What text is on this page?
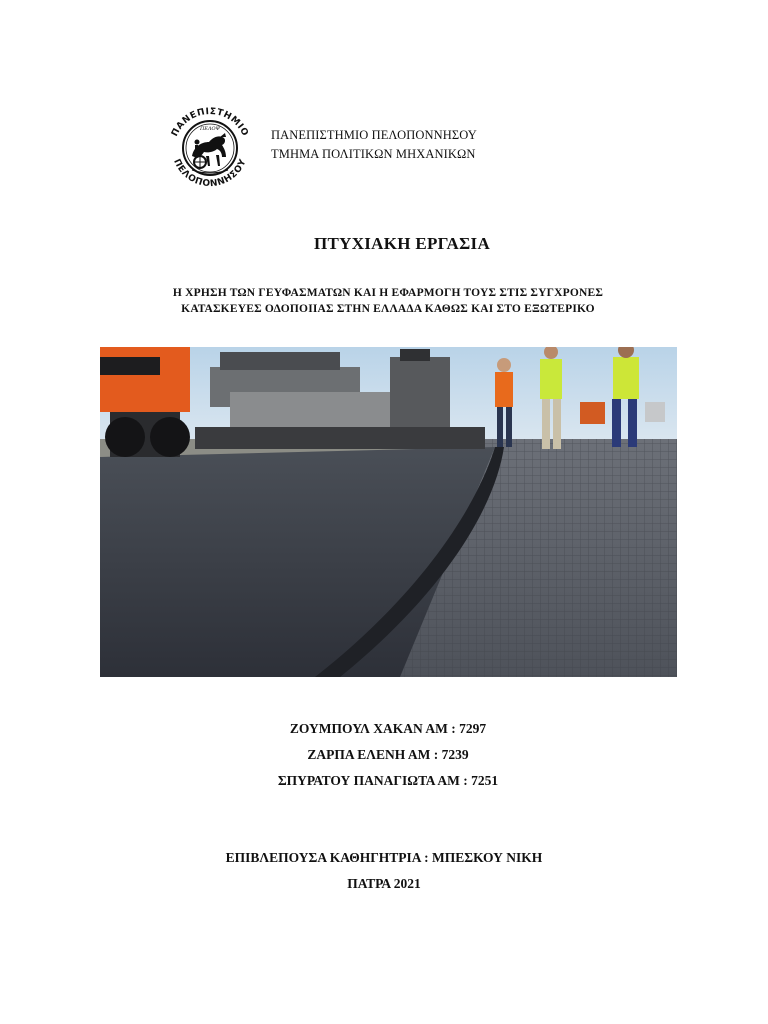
ΠΑΝΕΠΙΣΤΗΜΙΟ
ΠΕΛΟΠΟΝΝΗΣΟΥ
ΠΕΛΟΨ	ΠΑΝΕΠΙΣΤΗΜΙΟ ΠΕΛΟΠΟΝΝΗΣΟΥ
ΤΜΗΜΑ ΠΟΛΙΤΙΚΩΝ ΜΗΧΑΝΙΚΩΝ
ΠΤΥΧΙΑΚΗ ΕΡΓΑΣΙΑ
Η ΧΡΗΣΗ ΤΩΝ ΓΕΥΦΑΣΜΑΤΩΝ ΚΑΙ Η ΕΦΑΡΜΟΓΗ ΤΟΥΣ ΣΤΙΣ ΣΥΓΧΡΟΝΕΣ
ΚΑΤΑΣΚΕΥΕΣ ΟΔΟΠΟΙΙΑΣ ΣΤΗΝ ΕΛΛΑΔΑ ΚΑΘΩΣ ΚΑΙ ΣΤΟ ΕΞΩΤΕΡΙΚΟ
ΖΟΥΜΠΟΥΛ ΧΑΚΑΝ ΑΜ : 7297
ΖΑΡΠΑ ΕΛΕΝΗ ΑΜ : 7239
ΣΠΥΡΑΤΟΥ ΠΑΝΑΓΙΩΤΑ ΑΜ : 7251
ΕΠΙΒΛΕΠΟΥΣΑ ΚΑΘΗΓΗΤΡΙΑ : ΜΠΕΣΚΟΥ ΝΙΚΗ
ΠΑΤΡΑ 2021
